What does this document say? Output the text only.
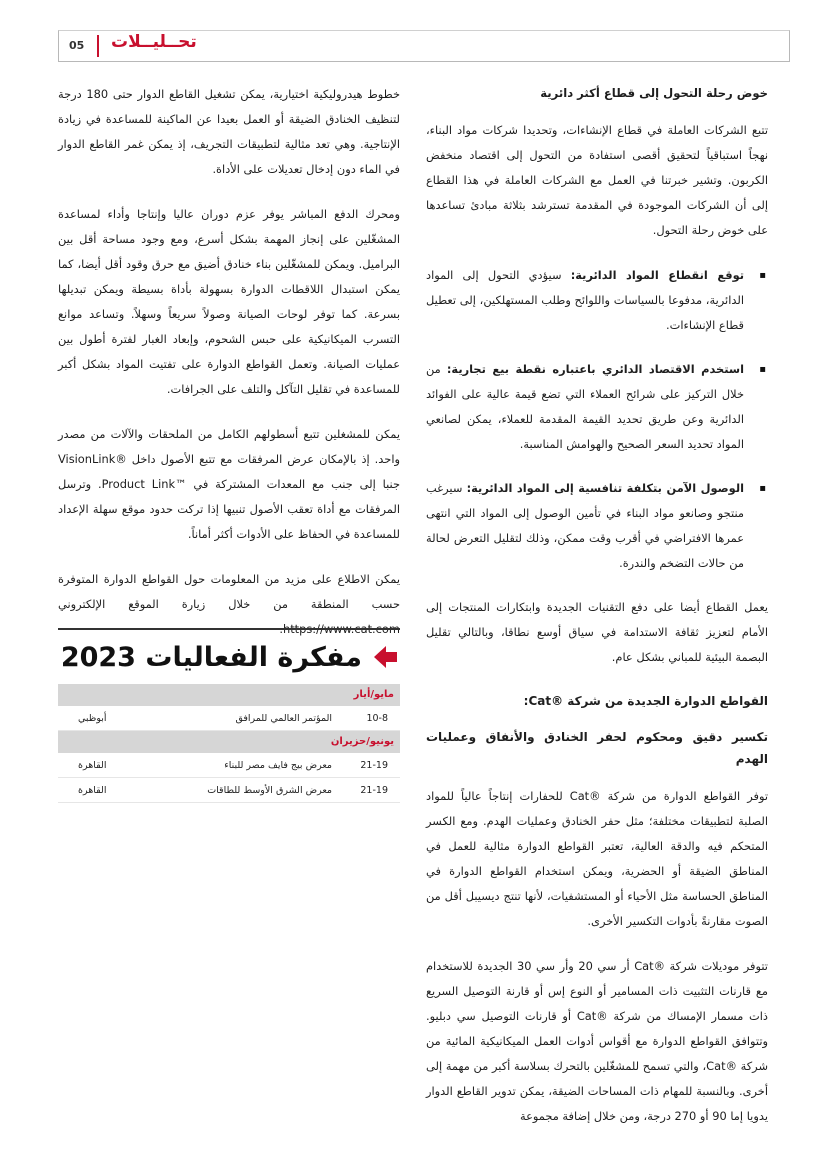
05 تحــليــلات
خوض رحلة التحول إلى قطاع أكثر دائرية

تتبع الشركات العاملة في قطاع الإنشاءات، وتحديدا شركات مواد البناء، نهجاً استباقياً لتحقيق أقصى استفادة من التحول إلى اقتصاد منخفض الكربون. وتشير خبرتنا في العمل مع الشركات العاملة في هذا القطاع إلى أن الشركات الموجودة في المقدمة تسترشد بثلاثة مبادئ تساعدها على خوض رحلة التحول.

▪ توقع انقطاع المواد الدائرية: سيؤدي التحول إلى المواد الدائرية، مدفوعا بالسياسات واللوائح وطلب المستهلكين، إلى تعطيل قطاع الإنشاءات.
▪ استخدم الاقتصاد الدائري باعتباره نقطة بيع تجارية: من خلال التركيز على شرائح العملاء التي تضع قيمة عالية على الفوائد الدائرية وعن طريق تحديد القيمة المقدمة للعملاء، يمكن لصانعي المواد تحديد السعر الصحيح والهوامش المناسبة.
▪ الوصول الآمن بتكلفة تنافسية إلى المواد الدائرية: سيرغب منتجو وصانعو مواد البناء في تأمين الوصول إلى المواد التي انتهى عمرها الافتراضي في أقرب وقت ممكن، وذلك لتقليل التعرض لحالة من حالات التضخم والندرة.

يعمل القطاع أيضا على دفع التقنيات الجديدة وابتكارات المنتجات إلى الأمام لتعزيز ثقافة الاستدامة في سياق أوسع نطاقا، وبالتالي تقليل البصمة البيئية للمباني بشكل عام.

القواطع الدوارة الجديدة من شركة ®Cat:
تكسير دقيق ومحكوم لحفر الخنادق والأنفاق وعمليات الهدم

توفر القواطع الدوارة من شركة ®Cat للحفارات إنتاجاً عالياً للمواد الصلبة لتطبيقات مختلفة؛ مثل حفر الخنادق وعمليات الهدم. ومع الكسر المتحكم فيه والدقة العالية، تعتبر القواطع الدوارة مثالية للعمل في المناطق الضيقة أو الحضرية، ويمكن استخدام القواطع الدوارة في المناطق الحساسة مثل الأحياء أو المستشفيات، لأنها تنتج ديسيبل أقل من الصوت مقارنةً بأدوات التكسير الأخرى.

تتوفر موديلات شركة ®Cat أر سي 20 وأر سي 30 الجديدة للاستخدام مع قارنات التثبيت ذات المسامير أو النوع إس أو قارنة التوصيل السريع ذات مسمار الإمساك من شركة ®Cat أو قارنات التوصيل سي دبليو. وتتوافق القواطع الدوارة مع أقواس أدوات العمل الميكانيكية المائية من شركة ®Cat، والتي تسمح للمشغّلين بالتحرك بسلاسة أكبر من مهمة إلى أخرى. وبالنسبة للمهام ذات المساحات الضيقة، يمكن تدوير القاطع الدوار يدويا إما 90 أو 270 درجة، ومن خلال إضافة مجموعة

خطوط هيدروليكية اختيارية، يمكن تشغيل القاطع الدوار حتى 180 درجة لتنظيف الخنادق الضيقة أو العمل بعيدا عن الماكينة للمساعدة في زيادة الإنتاجية. وهي تعد مثالية لتطبيقات التجريف، إذ يمكن غمر القاطع الدوار في الماء دون إدخال تعديلات على الأداة.

ومحرك الدفع المباشر يوفر عزم دوران عاليا وإنتاجا وأداء لمساعدة المشغّلين على إنجاز المهمة بشكل أسرع، ومع وجود مساحة أقل بين البراميل. ويمكن للمشغّلين بناء خنادق أضيق مع حرق وقود أقل أيضا، كما يمكن استبدال اللاقطات الدوارة بسهولة بأداة بسيطة ويمكن تبديلها بسرعة. كما توفر لوحات الصيانة وصولاً سريعاً وسهلاً. وتساعد موانع التسرب الميكانيكية على حبس الشحوم، وإبعاد الغبار لفترة أطول بين عمليات الصيانة. وتعمل القواطع الدوارة على تفتيت المواد بشكل أكبر للمساعدة في تقليل التآكل والتلف على الجرافات.

يمكن للمشغلين تتبع أسطولهم الكامل من الملحقات والآلات من مصدر واحد. إذ بالإمكان عرض المرفقات مع تتبع الأصول داخل ®VisionLink جنبا إلى جنب مع المعدات المشتركة في ™Product Link. وترسل المرفقات مع أداة تعقب الأصول تنبيها إذا تركت حدود موقع سهلة الإعداد للمساعدة في الحفاظ على الأدوات أكثر أماناً.

يمكن الاطلاع على مزيد من المعلومات حول القواطع الدوارة المتوفرة حسب المنطقة من خلال زيارة الموقع الإلكتروني

مفكرة الفعاليات 2023
مايو/أيار
10-8
المؤتمر العالمي للمرافق
أبوظبي
يونيو/حزيران
21-19
معرض بيج فايف مصر للبناء
القاهرة
21-19
معرض الشرق الأوسط للطاقات
القاهرة
